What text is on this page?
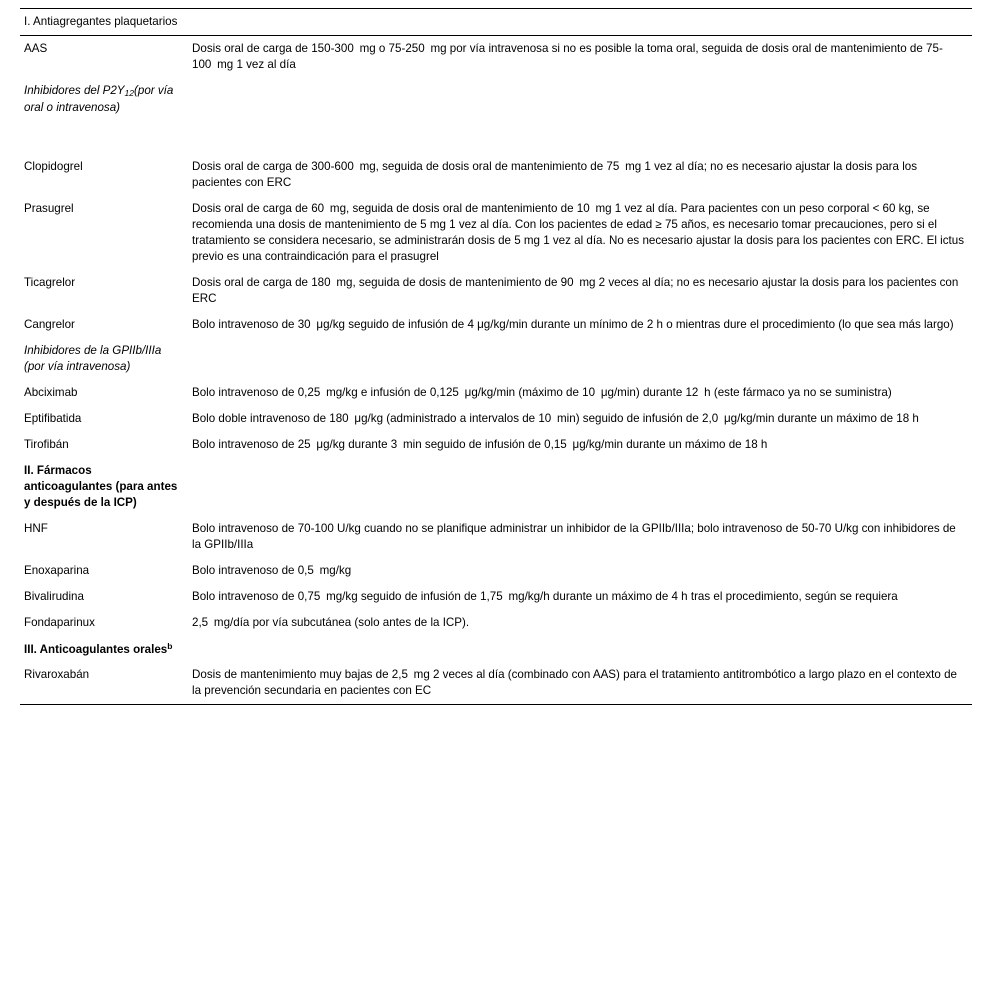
I. Antiagregantes plaquetarios	
AAS	Dosis oral de carga de 150-300 mg o 75-250 mg por vía intravenosa si no es posible la toma oral, seguida de dosis oral de mantenimiento de 75-100 mg 1 vez al día
Inhibidores del $P2Y_{12}(por$ vía oral o intravenosa)	
Clopidogrel	Dosis oral de carga de 300-600 mg, seguida de dosis oral de mantenimiento de 75 mg 1 vez al día; no es necesario ajustar la dosis para los pacientes con ERC
Prasugrel	Dosis oral de carga de 60 mg, seguida de dosis oral de mantenimiento de 10 mg 1 vez al día. Para pacientes con un peso corporal < 60 kg, se recomienda una dosis de mantenimiento de 5 mg 1 vez al día. Con los pacientes de edad ≥ 75 años, es necesario tomar precauciones, pero si el tratamiento se considera necesario, se administrarán dosis de 5 mg 1 vez al día. No es necesario ajustar la dosis para los pacientes con ERC. El ictus previo es una contraindicación para el prasugrel
Ticagrelor	Dosis oral de carga de 180 mg, seguida de dosis de mantenimiento de 90 mg 2 veces al día; no es necesario ajustar la dosis para los pacientes con ERC
Cangrelor	Bolo intravenoso de 30 μg/kg seguido de infusión de 4 μg/kg/min durante un mínimo de 2 h o mientras dure el procedimiento (lo que sea más largo)
Inhibidores de la GPIIb/IIIa (por vía intravenosa)	
Abciximab	Bolo intravenoso de 0,25 mg/kg e infusión de 0,125 μg/kg/min (máximo de 10 μg/min) durante 12 h (este fármaco ya no se suministra)
Eptifibatida	Bolo doble intravenoso de 180 μg/kg (administrado a intervalos de 10 min) seguido de infusión de 2,0 μg/kg/min durante un máximo de 18 h
Tirofibán	Bolo intravenoso de 25 μg/kg durante 3 min seguido de infusión de 0,15 μg/kg/min durante un máximo de 18 h
II. Fármacos anticoagulantes (para antes y después de la ICP)	
HNF	Bolo intravenoso de 70-100 U/kg cuando no se planifique administrar un inhibidor de la GPIIb/IIIa; bolo intravenoso de 50-70 U/kg con inhibidores de la GPIIb/IIIa
Enoxaparina	Bolo intravenoso de 0,5 mg/kg
Bivalirudina	Bolo intravenoso de 0,75 mg/kg seguido de infusión de 1,75 mg/kg/h durante un máximo de 4 h tras el procedimiento, según se requiera
Fondaparinux	2,5 mg/día por vía subcutánea (solo antes de la ICP).
III. Anticoagulantes orales$^b$	
Rivaroxabán	Dosis de mantenimiento muy bajas de 2,5 mg 2 veces al día (combinado con AAS) para el tratamiento antitrombótico a largo plazo en el contexto de la prevención secundaria en pacientes con EC
